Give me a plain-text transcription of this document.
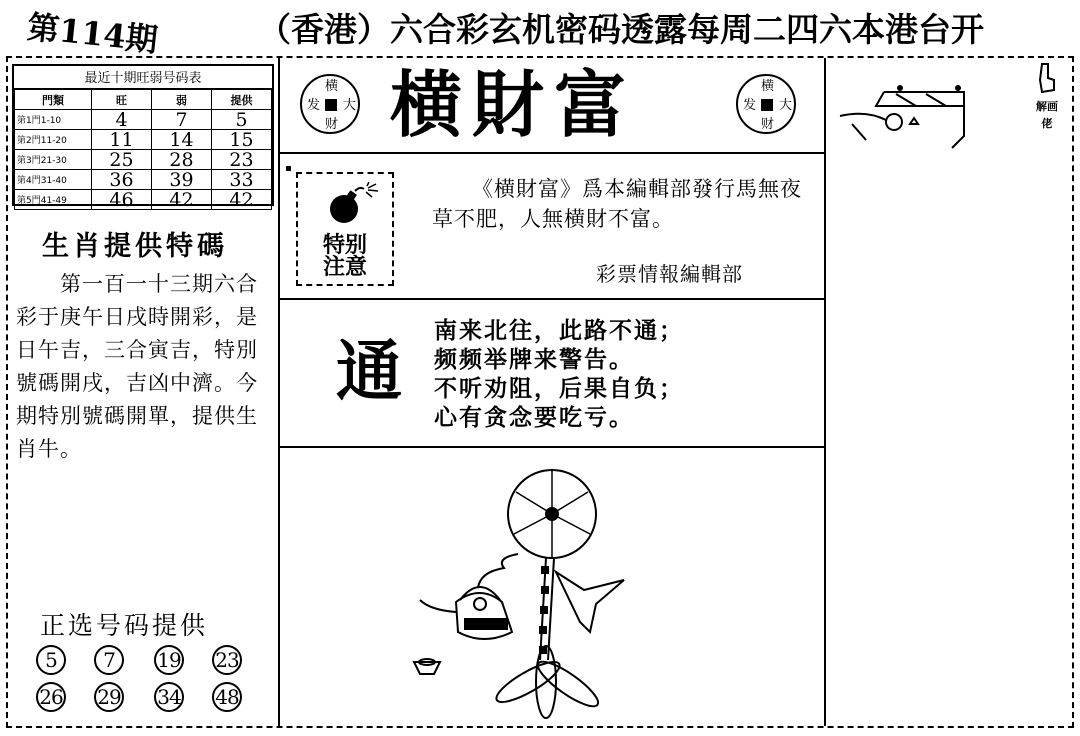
第114期	（香港）六合彩玄机密码透露每周二四六本港台开
最近十期旺弱号码表
門類	旺	弱	提供
第1門1-10	4	7	5
第2門11-20	11	14	15
第3門21-30	25	28	23
第4門31-40	36	39	33
第5門41-49	46	42	42
生肖提供特碼
第一百一十三期六合彩于庚午日戌時開彩，是日午吉，三合寅吉，特別號碼開戌，吉凶中濟。今期特別號碼開單，提供生肖牛。
正选号码提供
5	7	19 23
26 29 34 48
横
发 大
财 横財富	横
发 大
财
特别
注意
《横財富》爲本編輯部發行馬無夜草不肥，人無横財不富。
彩票情報編輯部
通
南来北往，此路不通；
频频举牌来警告。
不听劝阻，后果自负；
心有贪念要吃亏。
解画佬
